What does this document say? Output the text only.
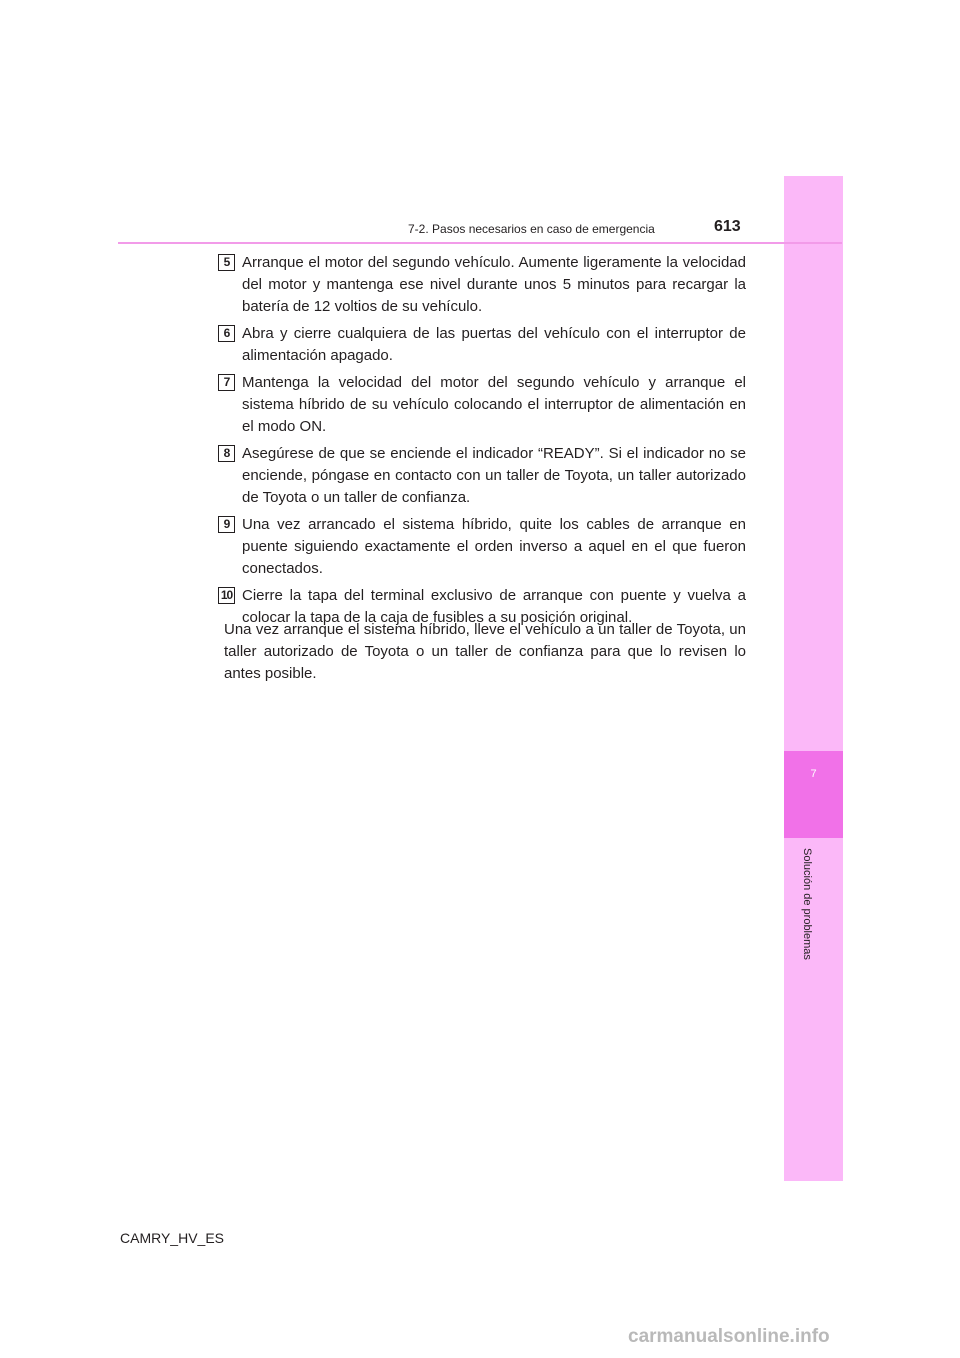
7
Solución de problemas
7-2. Pasos necesarios en caso de emergencia	613
5 Arranque el motor del segundo vehículo. Aumente ligeramente la velocidad del motor y mantenga ese nivel durante unos 5 minutos para recargar la batería de 12 voltios de su vehículo.
6 Abra y cierre cualquiera de las puertas del vehículo con el interruptor de alimentación apagado.
7 Mantenga la velocidad del motor del segundo vehículo y arranque el sistema híbrido de su vehículo colocando el interruptor de alimentación en el modo ON.
8 Asegúrese de que se enciende el indicador “READY”. Si el indicador no se enciende, póngase en contacto con un taller de Toyota, un taller autorizado de Toyota o un taller de confianza.
9 Una vez arrancado el sistema híbrido, quite los cables de arranque en puente siguiendo exactamente el orden inverso a aquel en el que fueron conectados.
10 Cierre la tapa del terminal exclusivo de arranque con puente y vuelva a colocar la tapa de la caja de fusibles a su posición original.
Una vez arranque el sistema híbrido, lleve el vehículo a un taller de Toyota, un taller autorizado de Toyota o un taller de confianza para que lo revisen lo antes posible.
CAMRY_HV_ES
carmanualsonline.info
